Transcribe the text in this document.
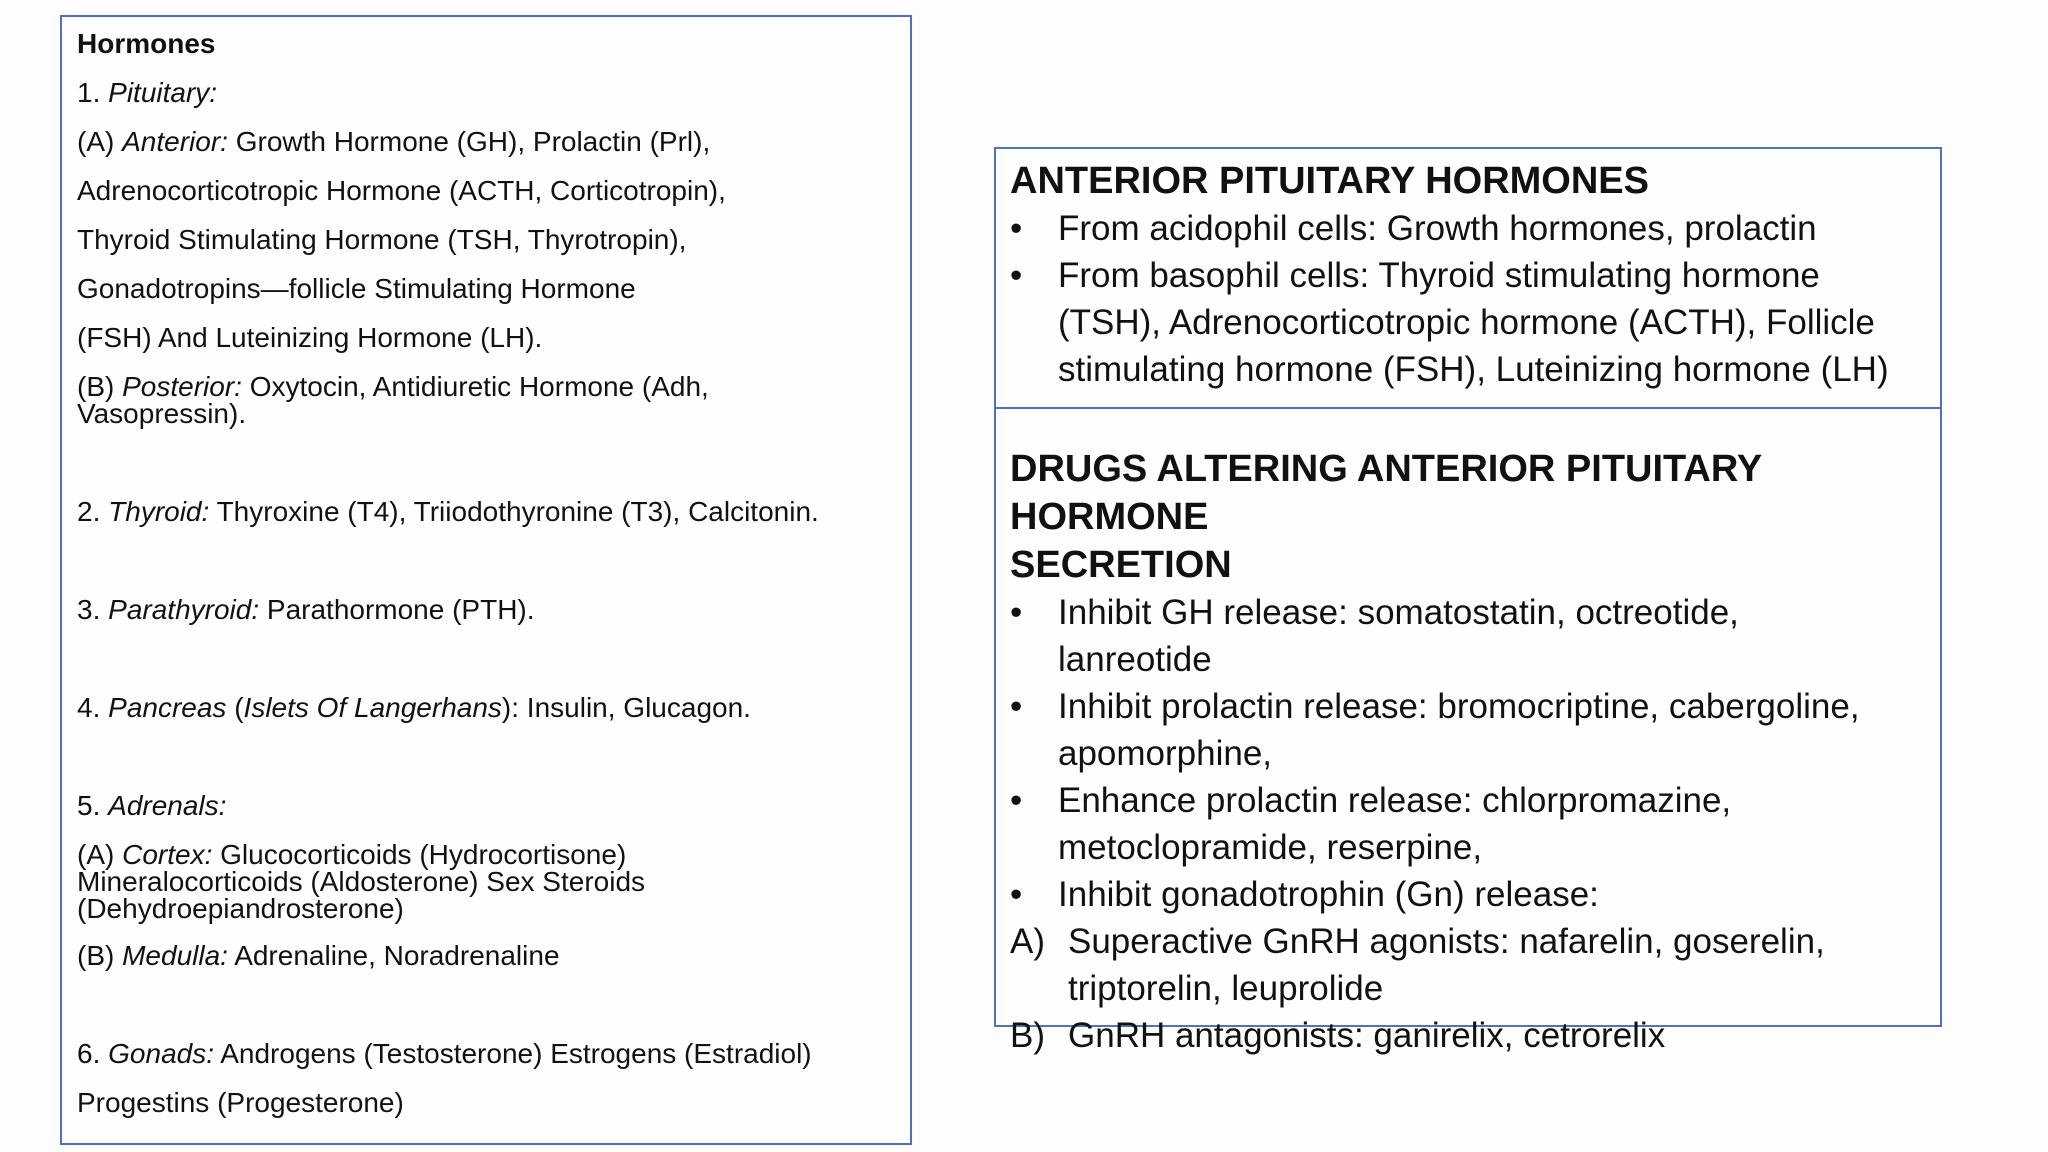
Hormones
1. Pituitary:
(A) Anterior: Growth Hormone (GH), Prolactin (Prl),
Adrenocorticotropic Hormone (ACTH, Corticotropin),
Thyroid Stimulating Hormone (TSH, Thyrotropin),
Gonadotropins—follicle Stimulating Hormone
(FSH) And Luteinizing Hormone (LH).
(B) Posterior: Oxytocin, Antidiuretic Hormone (Adh,
Vasopressin).
2. Thyroid: Thyroxine (T4), Triiodothyronine (T3), Calcitonin.
3. Parathyroid: Parathormone (PTH).
4. Pancreas (Islets Of Langerhans): Insulin, Glucagon.
5. Adrenals:
(A) Cortex: Glucocorticoids (Hydrocortisone)
Mineralocorticoids (Aldosterone) Sex Steroids
(Dehydroepiandrosterone)
(B) Medulla: Adrenaline, Noradrenaline
6. Gonads: Androgens (Testosterone) Estrogens (Estradiol)
Progestins (Progesterone)
ANTERIOR PITUITARY HORMONES
• From acidophil cells: Growth hormones, prolactin
• From basophil cells: Thyroid stimulating hormone
(TSH), Adrenocorticotropic hormone (ACTH), Follicle
stimulating hormone (FSH), Luteinizing hormone (LH)
DRUGS ALTERING ANTERIOR PITUITARY HORMONE
SECRETION
• Inhibit GH release: somatostatin, octreotide,
lanreotide
• Inhibit prolactin release: bromocriptine, cabergoline,
apomorphine,
• Enhance prolactin release: chlorpromazine,
metoclopramide, reserpine,
• Inhibit gonadotrophin (Gn) release:
A) Superactive GnRH agonists: nafarelin, goserelin,
triptorelin, leuprolide
B) GnRH antagonists: ganirelix, cetrorelix
